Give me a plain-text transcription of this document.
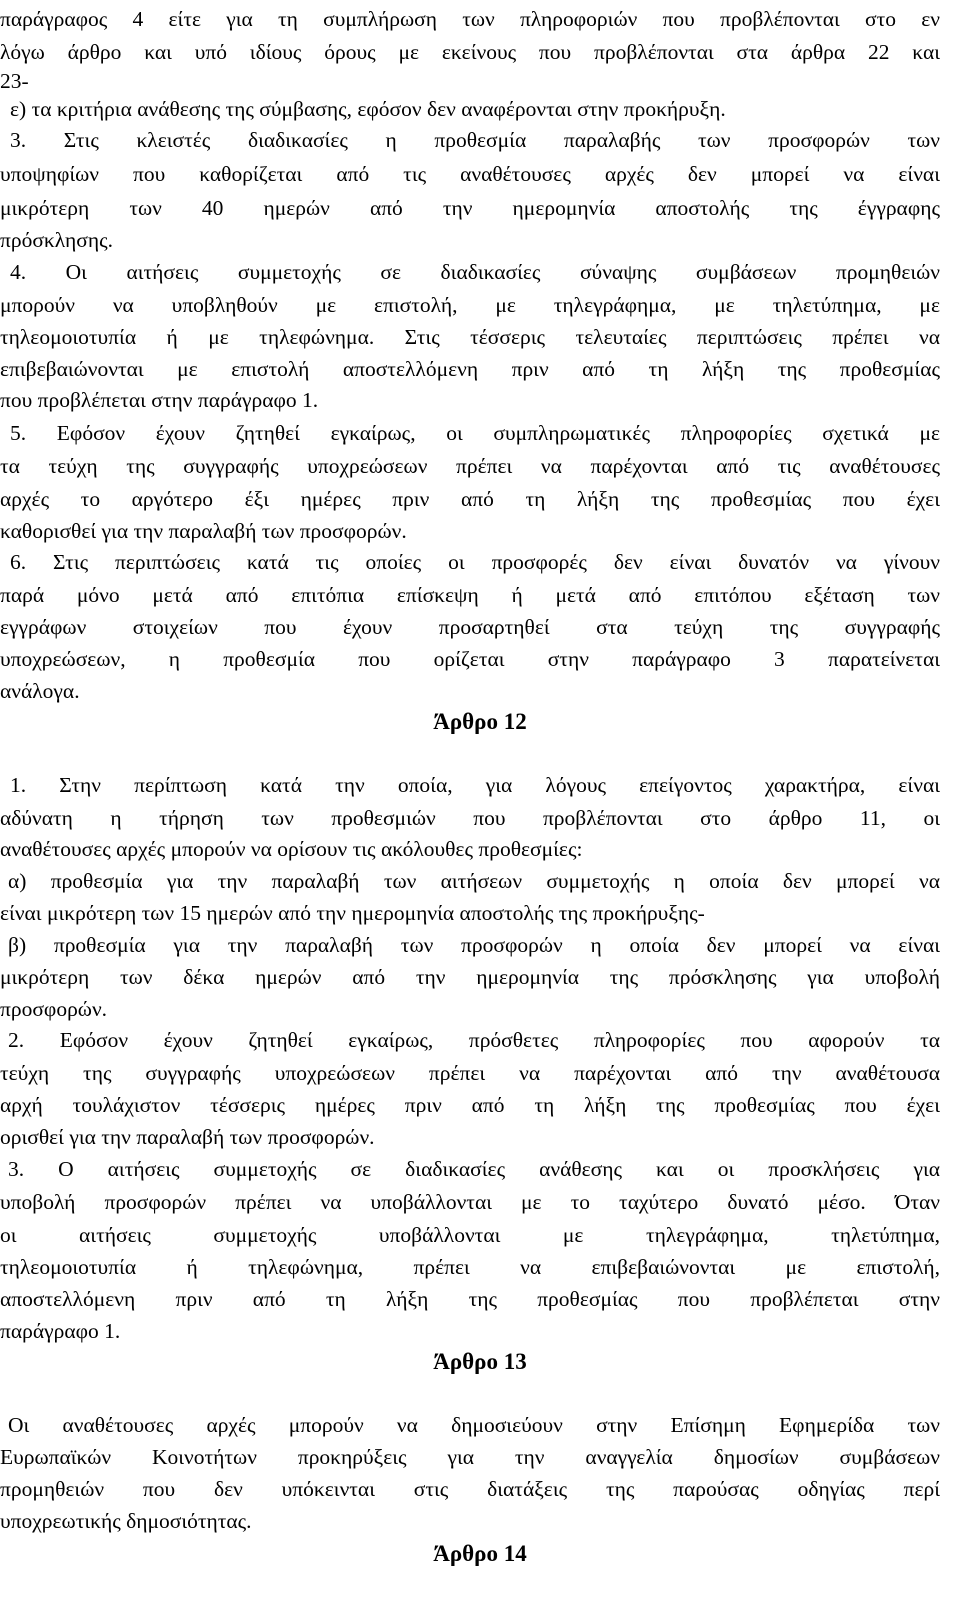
παράγραφος 4 είτε για τη συμπλήρωση των πληροφοριών που προβλέπονται στο εν

λόγω άρθρο και υπό ιδίους όρους με εκείνους που προβλέπονται στα άρθρα 22 και

23-

ε) τα κριτήρια ανάθεσης της σύμβασης, εφόσον δεν αναφέρονται στην προκήρυξη.

3. Στις κλειστές διαδικασίες η προθεσμία παραλαβής των προσφορών των

υποψηφίων που καθορίζεται από τις αναθέτουσες αρχές δεν μπορεί να είναι

μικρότερη των 40 ημερών από την ημερομηνία αποστολής της έγγραφης

πρόσκλησης.

4. Οι αιτήσεις συμμετοχής σε διαδικασίες σύναψης συμβάσεων προμηθειών

μπορούν να υποβληθούν με επιστολή, με τηλεγράφημα, με τηλετύπημα, με

τηλεομοιοτυπία ή με τηλεφώνημα. Στις τέσσερις τελευταίες περιπτώσεις πρέπει να

επιβεβαιώνονται με επιστολή αποστελλόμενη πριν από τη λήξη της προθεσμίας

που προβλέπεται στην παράγραφο 1.

5. Εφόσον έχουν ζητηθεί εγκαίρως, οι συμπληρωματικές πληροφορίες σχετικά με

τα τεύχη της συγγραφής υποχρεώσεων πρέπει να παρέχονται από τις αναθέτουσες

αρχές το αργότερο έξι ημέρες πριν από τη λήξη της προθεσμίας που έχει

καθορισθεί για την παραλαβή των προσφορών.

6. Στις περιπτώσεις κατά τις οποίες οι προσφορές δεν είναι δυνατόν να γίνουν

παρά μόνο μετά από επιτόπια επίσκεψη ή μετά από επιτόπου εξέταση των

εγγράφων στοιχείων που έχουν προσαρτηθεί στα τεύχη της συγγραφής

υποχρεώσεων, η προθεσμία που ορίζεται στην παράγραφο 3 παρατείνεται

ανάλογα.

Άρθρο 12

1. Στην περίπτωση κατά την οποία, για λόγους επείγοντος χαρακτήρα, είναι

αδύνατη η τήρηση των προθεσμιών που προβλέπονται στο άρθρο 11, οι

αναθέτουσες αρχές μπορούν να ορίσουν τις ακόλουθες προθεσμίες:

α) προθεσμία για την παραλαβή των αιτήσεων συμμετοχής η οποία δεν μπορεί να

είναι μικρότερη των 15 ημερών από την ημερομηνία αποστολής της προκήρυξης-

β) προθεσμία για την παραλαβή των προσφορών η οποία δεν μπορεί να είναι

μικρότερη των δέκα ημερών από την ημερομηνία της πρόσκλησης για υποβολή

προσφορών.

2. Εφόσον έχουν ζητηθεί εγκαίρως, πρόσθετες πληροφορίες που αφορούν τα

τεύχη της συγγραφής υποχρεώσεων πρέπει να παρέχονται από την αναθέτουσα

αρχή τουλάχιστον τέσσερις ημέρες πριν από τη λήξη της προθεσμίας που έχει

ορισθεί για την παραλαβή των προσφορών.

3. Ο αιτήσεις συμμετοχής σε διαδικασίες ανάθεσης και οι προσκλήσεις για

υποβολή προσφορών πρέπει να υποβάλλονται με το ταχύτερο δυνατό μέσο. Όταν

οι αιτήσεις συμμετοχής υποβάλλονται με τηλεγράφημα, τηλετύπημα,

τηλεομοιοτυπία ή τηλεφώνημα, πρέπει να επιβεβαιώνονται με επιστολή,

αποστελλόμενη πριν από τη λήξη της προθεσμίας που προβλέπεται στην

παράγραφο 1.

Άρθρο 13

Οι αναθέτουσες αρχές μπορούν να δημοσιεύουν στην Επίσημη Εφημερίδα των

Ευρωπαϊκών Κοινοτήτων προκηρύξεις για την αναγγελία δημοσίων συμβάσεων

προμηθειών που δεν υπόκεινται στις διατάξεις της παρούσας οδηγίας περί

υποχρεωτικής δημοσιότητας.

Άρθρο 14
